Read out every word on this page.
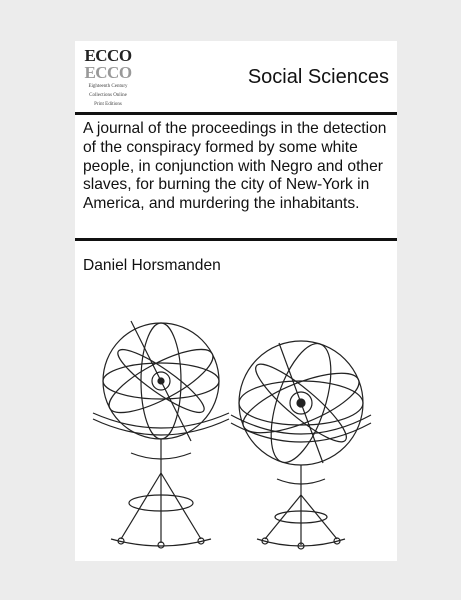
ECCO
ECCO
Eighteenth Century
Collections Online
Print Editions
Social Sciences
A journal of the proceedings in the detection of the conspiracy formed by some white people, in conjunction with Negro and other slaves, for burning the city of New-York in America, and murdering the inhabitants.
Daniel Horsmanden
